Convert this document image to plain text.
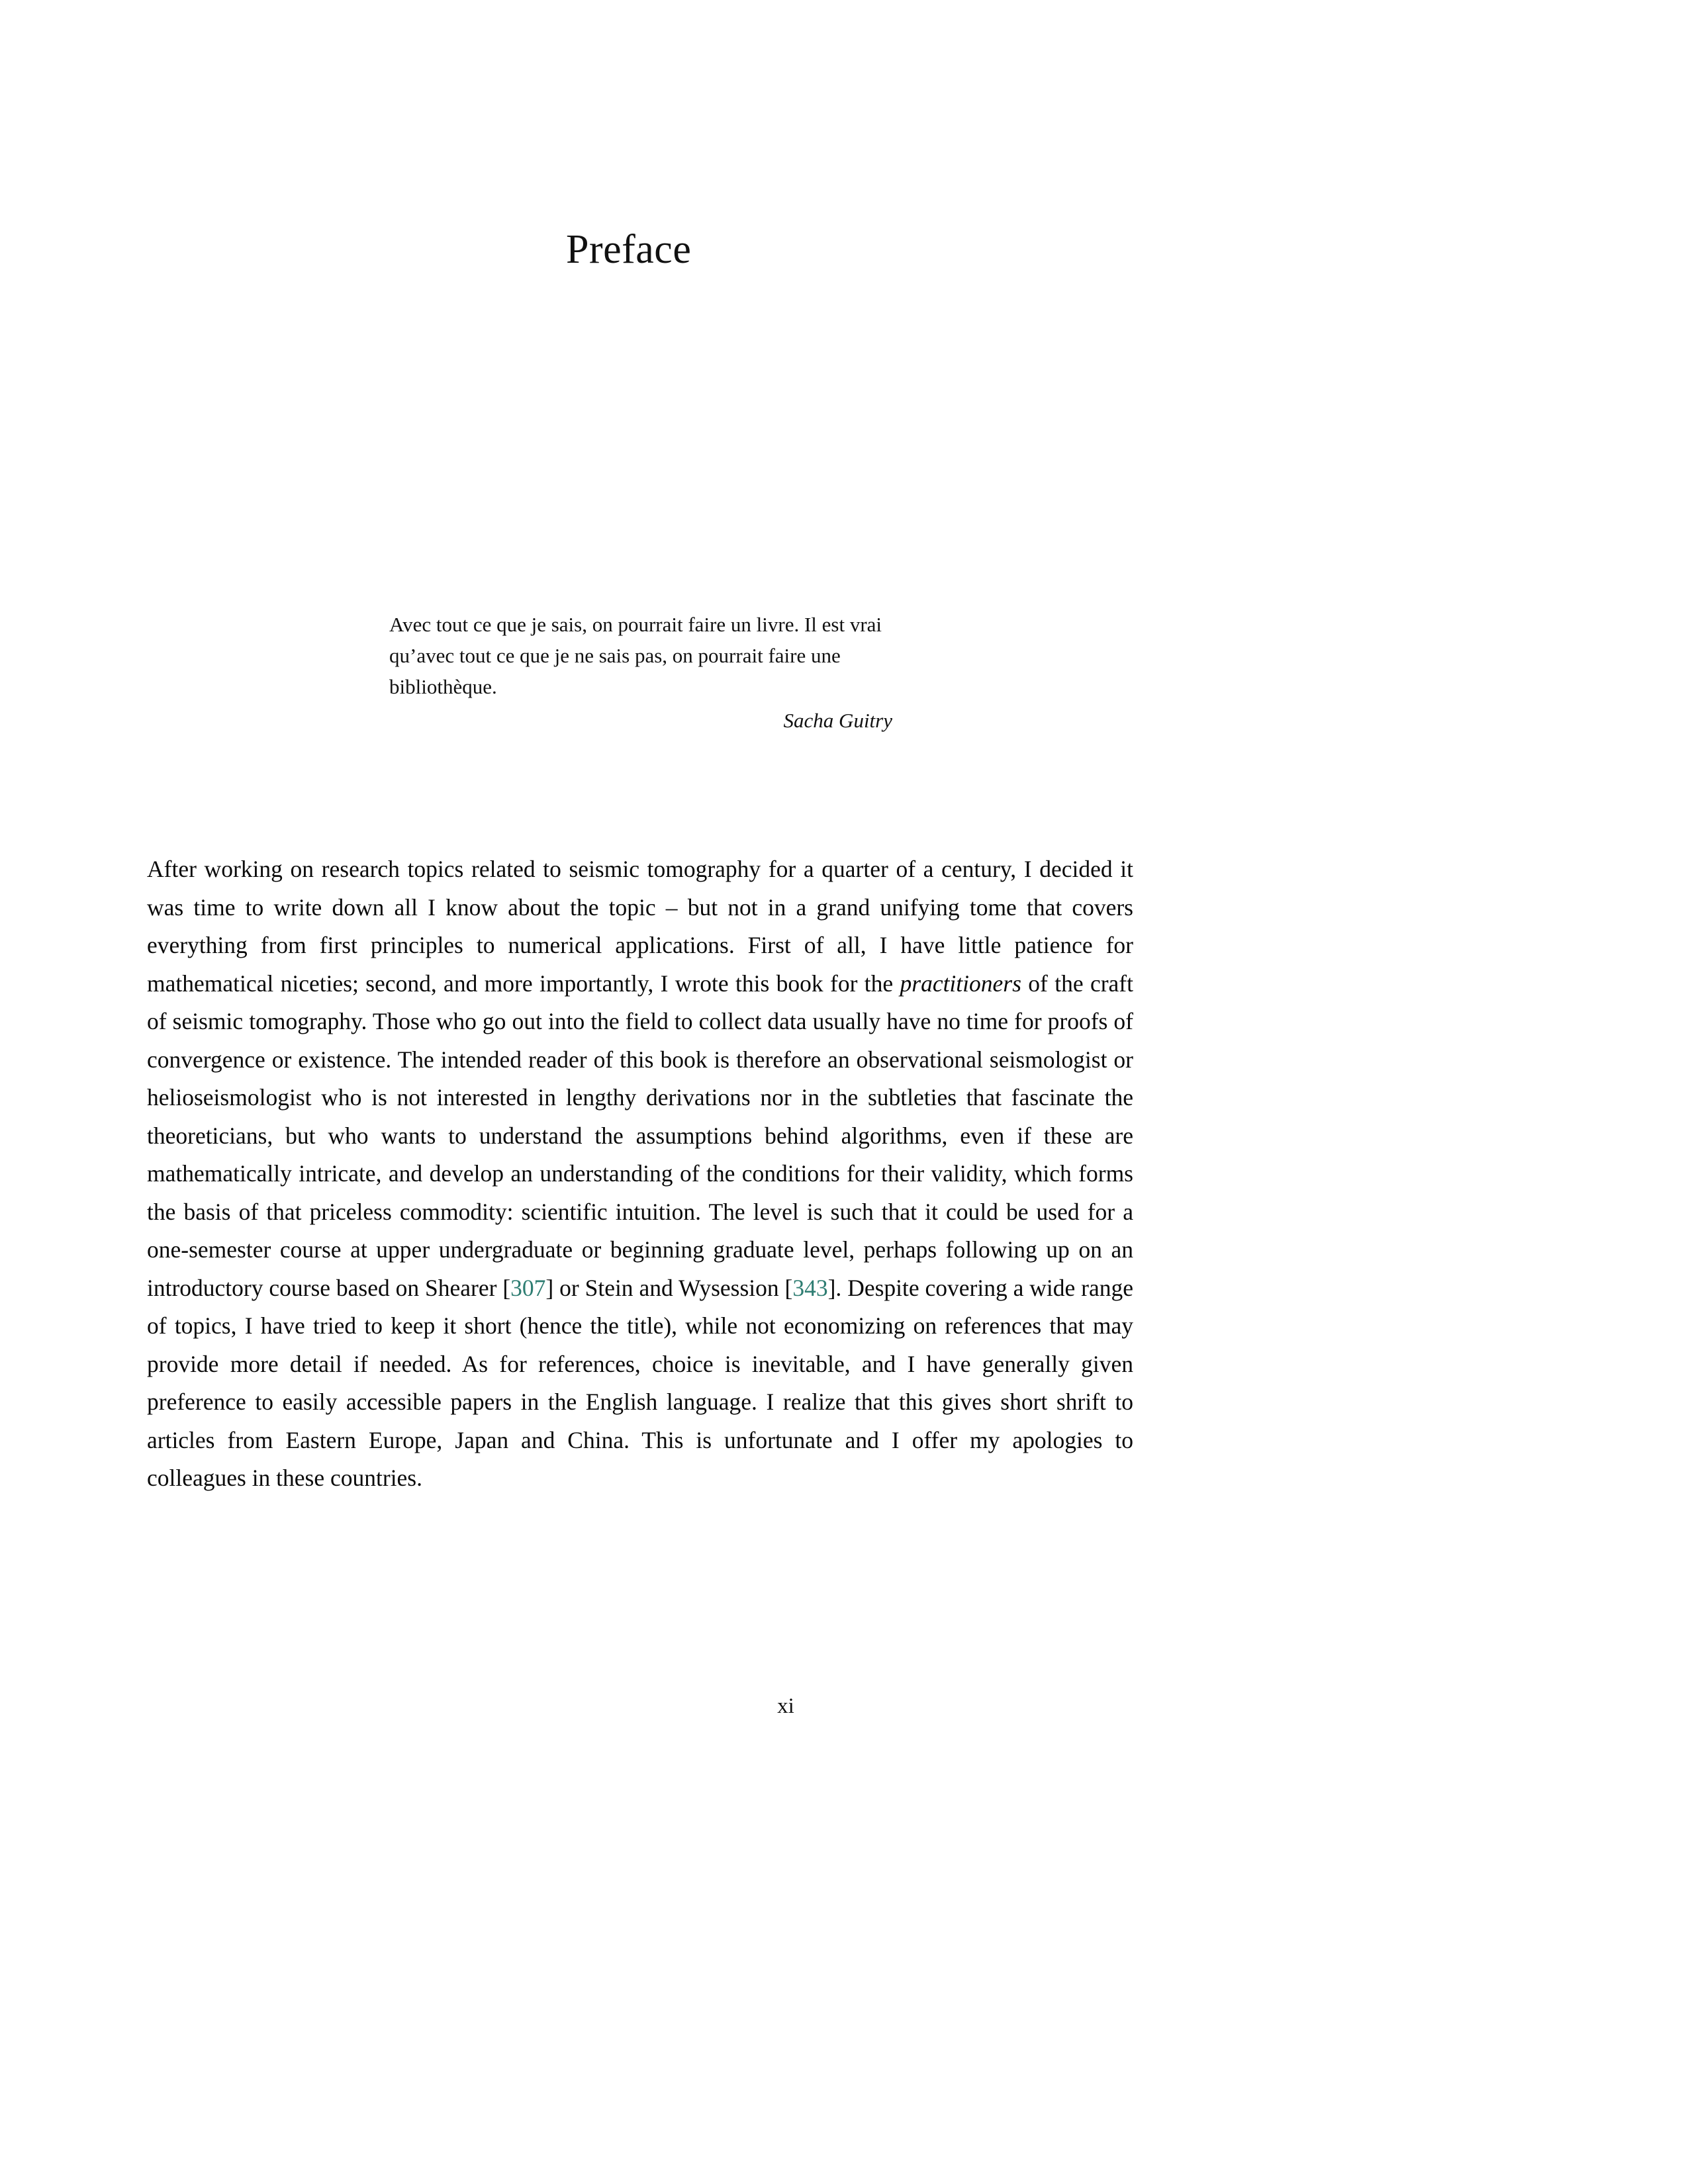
Preface
Avec tout ce que je sais, on pourrait faire un livre. Il est vrai qu’avec tout ce que je ne sais pas, on pourrait faire une bibliothèque.
Sacha Guitry
After working on research topics related to seismic tomography for a quarter of a century, I decided it was time to write down all I know about the topic – but not in a grand unifying tome that covers everything from first principles to numerical applications. First of all, I have little patience for mathematical niceties; second, and more importantly, I wrote this book for the practitioners of the craft of seismic tomography. Those who go out into the field to collect data usually have no time for proofs of convergence or existence. The intended reader of this book is therefore an observational seismologist or helioseismologist who is not interested in lengthy derivations nor in the subtleties that fascinate the theoreticians, but who wants to understand the assumptions behind algorithms, even if these are mathematically intricate, and develop an understanding of the conditions for their validity, which forms the basis of that priceless commodity: scientific intuition. The level is such that it could be used for a one-semester course at upper undergraduate or beginning graduate level, perhaps following up on an introductory course based on Shearer [307] or Stein and Wysession [343]. Despite covering a wide range of topics, I have tried to keep it short (hence the title), while not economizing on references that may provide more detail if needed. As for references, choice is inevitable, and I have generally given preference to easily accessible papers in the English language. I realize that this gives short shrift to articles from Eastern Europe, Japan and China. This is unfortunate and I offer my apologies to colleagues in these countries.
xi
